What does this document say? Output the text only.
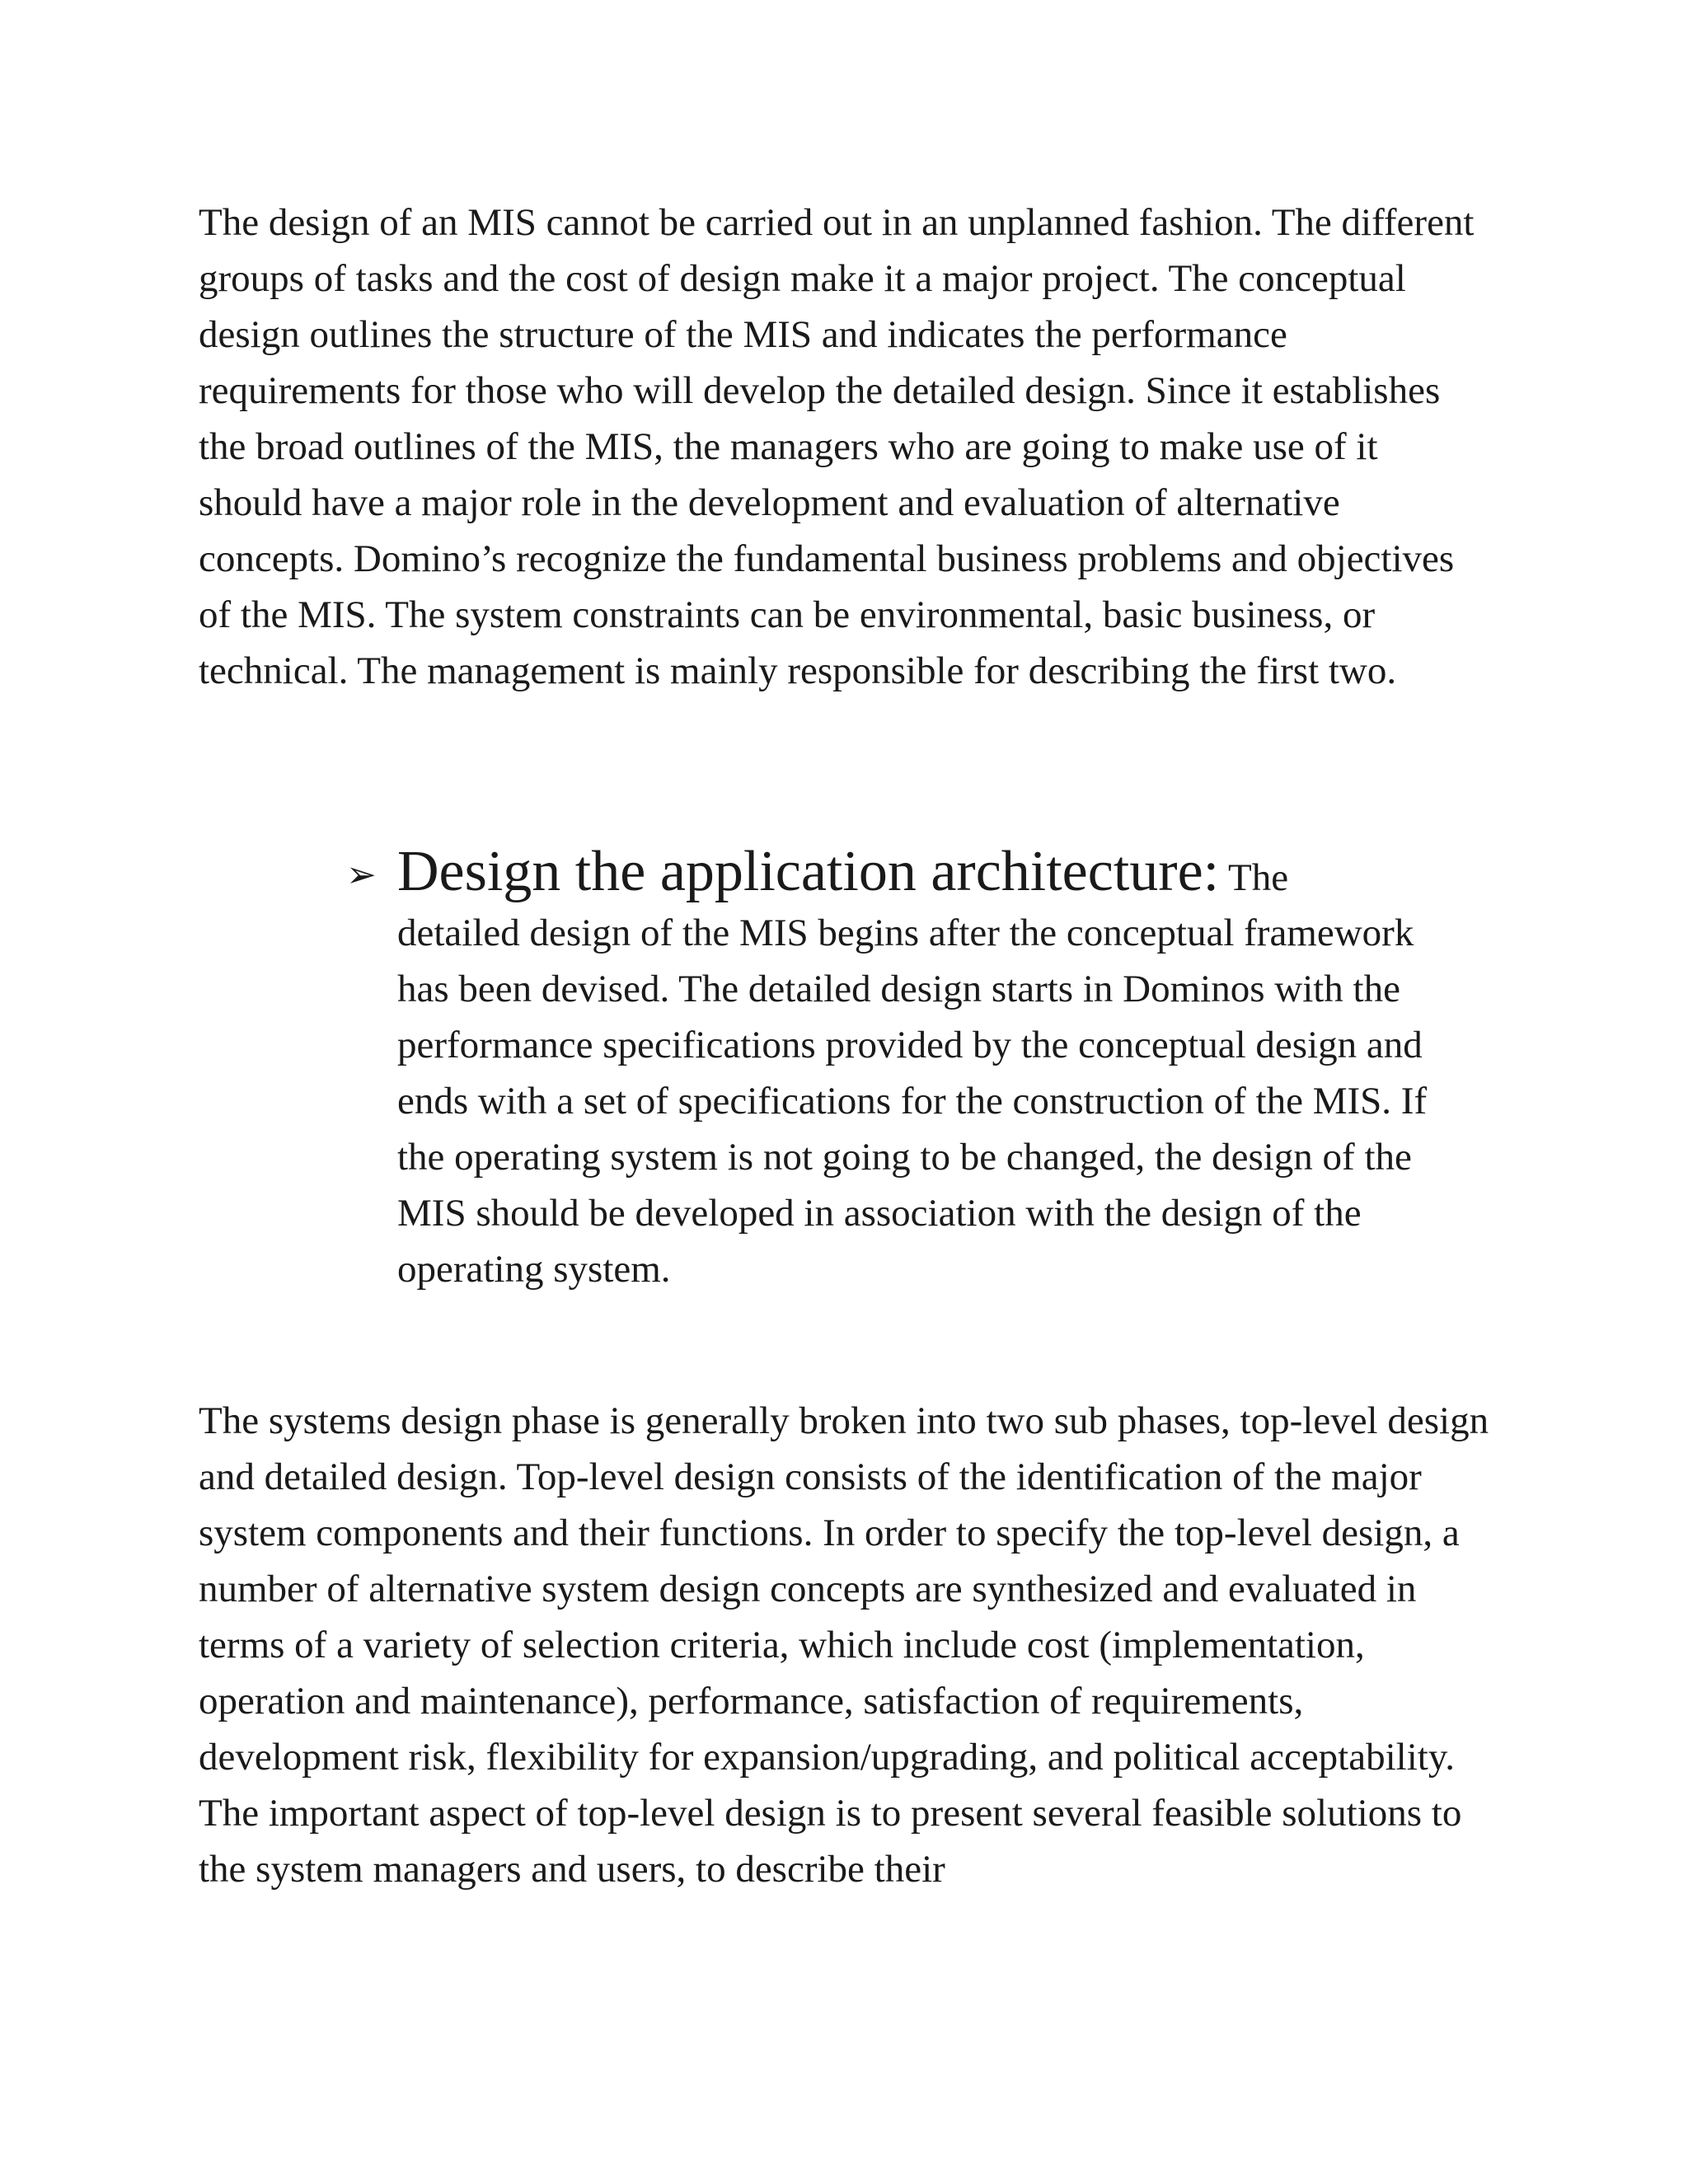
The design of an MIS cannot be carried out in an unplanned fashion. The different groups of tasks and the cost of design make it a major project. The conceptual design outlines the structure of the MIS and indicates the performance requirements for those who will develop the detailed design. Since it establishes the broad outlines of the MIS, the managers who are going to make use of it should have a major role in the development and evaluation of alternative concepts. Domino’s recognize the fundamental business problems and objectives of the MIS. The system constraints can be environmental, basic business, or technical. The management is mainly responsible for describing the first two.

➢ Design the application architecture: The
detailed design of the MIS begins after the conceptual framework has been devised. The detailed design starts in Dominos with the performance specifications provided by the conceptual design and ends with a set of specifications for the construction of the MIS. If the operating system is not going to be changed, the design of the MIS should be developed in association with the design of the operating system.

The systems design phase is generally broken into two sub phases, top-level design and detailed design. Top-level design consists of the identification of the major system components and their functions. In order to specify the top-level design, a number of alternative system design concepts are synthesized and evaluated in terms of a variety of selection criteria, which include cost (implementation, operation and maintenance), performance, satisfaction of requirements, development risk, flexibility for expansion/upgrading, and political acceptability. The important aspect of top-level design is to present several feasible solutions to the system managers and users, to describe their
